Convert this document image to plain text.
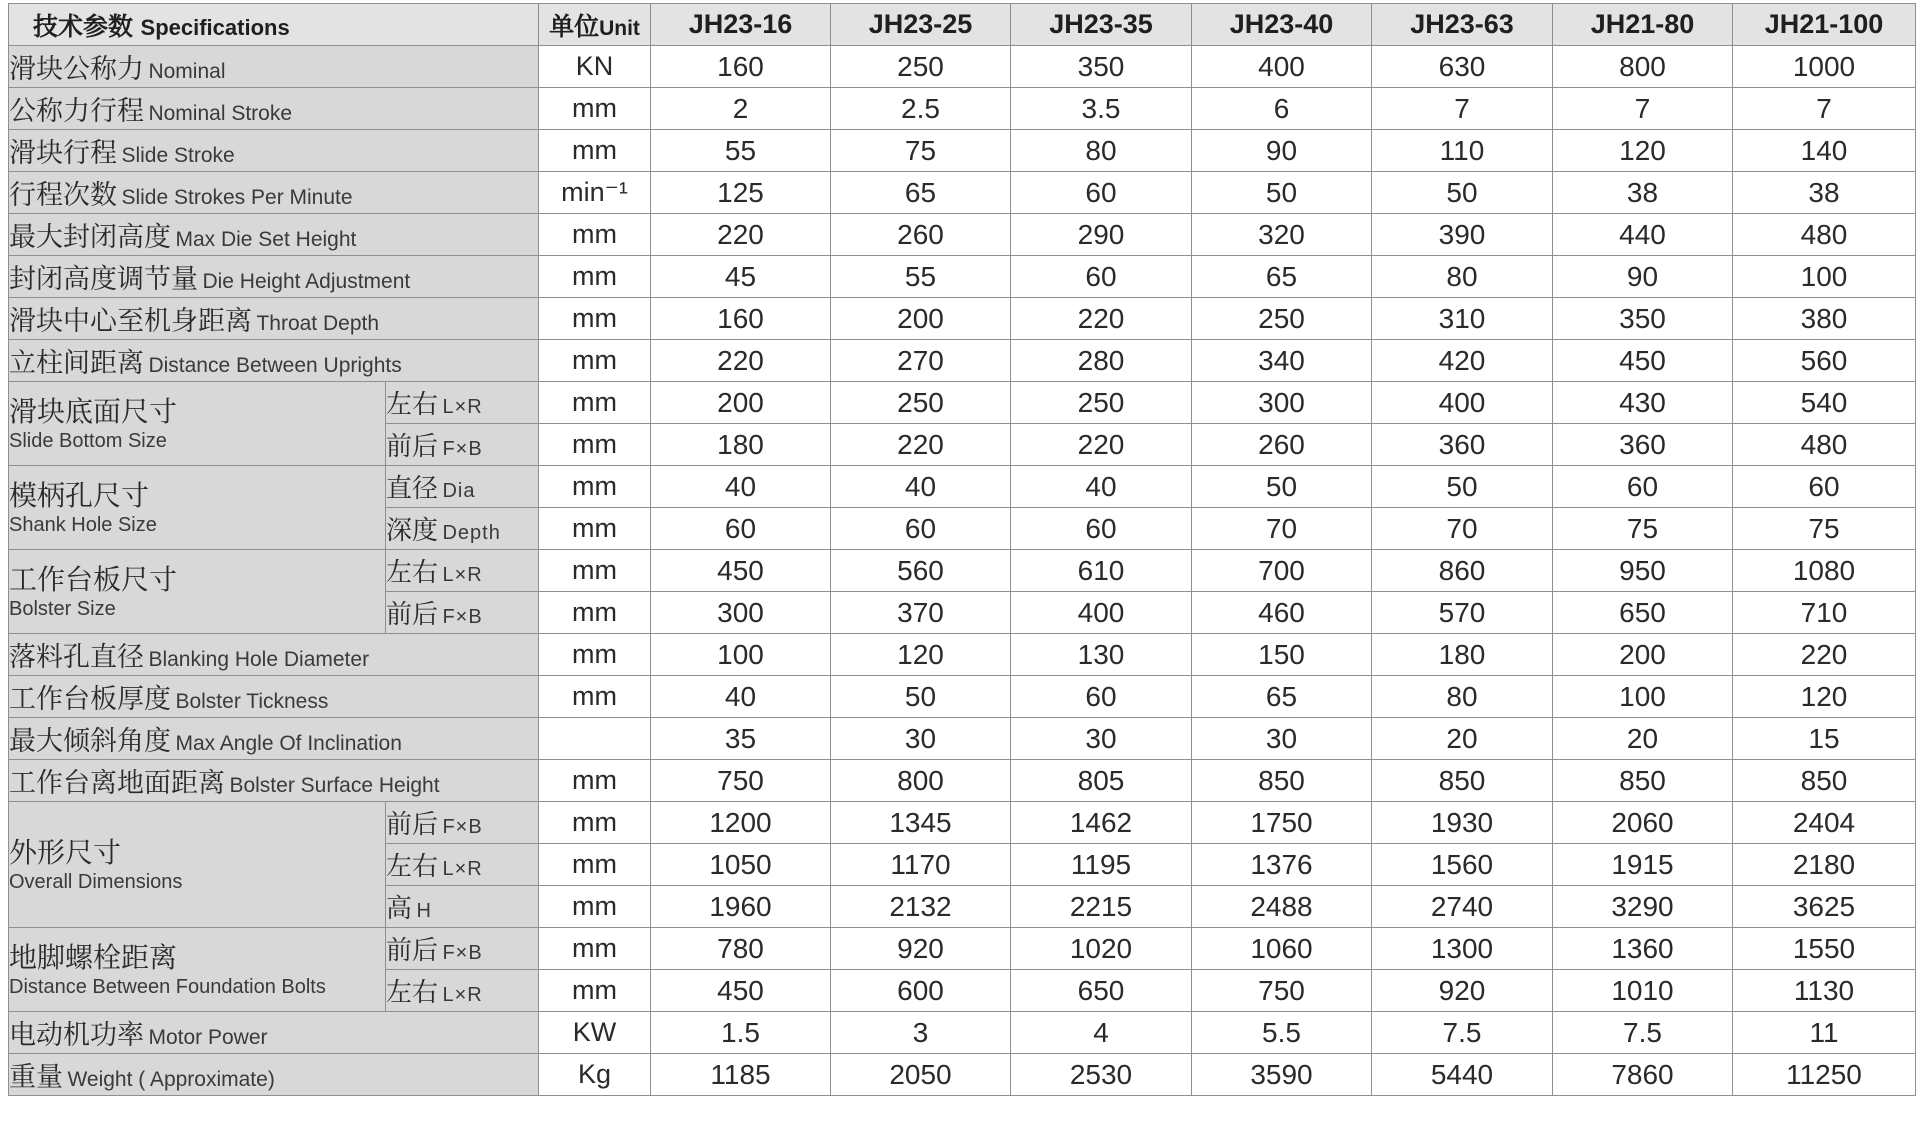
技术参数 Specifications		单位Unit	JH23-16	JH23-25	JH23-35	JH23-40	JH23-63	JH21-80	JH21-100
滑块公称力 Nominal		KN	160	250	350	400	630	800	1000
公称力行程 Nominal Stroke		mm	2	2.5	3.5	6	7	7	7
滑块行程 Slide Stroke		mm	55	75	80	90	110	120	140
行程次数 Slide Strokes Per Minute		min⁻¹	125	65	60	50	50	38	38
最大封闭高度 Max Die Set Height		mm	220	260	290	320	390	440	480
封闭高度调节量 Die Height Adjustment		mm	45	55	60	65	80	90	100
滑块中心至机身距离 Throat Depth		mm	160	200	220	250	310	350	380
立柱间距离 Distance Between Uprights		mm	220	270	280	340	420	450	560

滑块底面尺寸
Slide Bottom Size	左右 L×R	mm	200	250	250	300	400	430	540
	前后 F×B	mm	180	220	220	260	360	360	480

模柄孔尺寸
Shank Hole Size	直径 Dia	mm	40	40	40	50	50	60	60
	深度 Depth	mm	60	60	60	70	70	75	75

工作台板尺寸
Bolster Size	左右 L×R	mm	450	560	610	700	860	950	1080
	前后 F×B	mm	300	370	400	460	570	650	710
落料孔直径 Blanking Hole Diameter		mm	100	120	130	150	180	200	220
工作台板厚度 Bolster Tickness		mm	40	50	60	65	80	100	120
最大倾斜角度 Max Angle Of Inclination			35	30	30	30	20	20	15
工作台离地面距离 Bolster Surface Height		mm	750	800	805	850	850	850	850

外形尺寸
Overall Dimensions	前后 F×B	mm	1200	1345	1462	1750	1930	2060	2404
	左右 L×R	mm	1050	1170	1195	1376	1560	1915	2180
	高 H	mm	1960	2132	2215	2488	2740	3290	3625

地脚螺栓距离
Distance Between Foundation Bolts	前后 F×B	mm	780	920	1020	1060	1300	1360	1550
	左右 L×R	mm	450	600	650	750	920	1010	1130
电动机功率 Motor Power		KW	1.5	3	4	5.5	7.5	7.5	11
重量 Weight ( Approximate)		Kg	1185	2050	2530	3590	5440	7860	11250
